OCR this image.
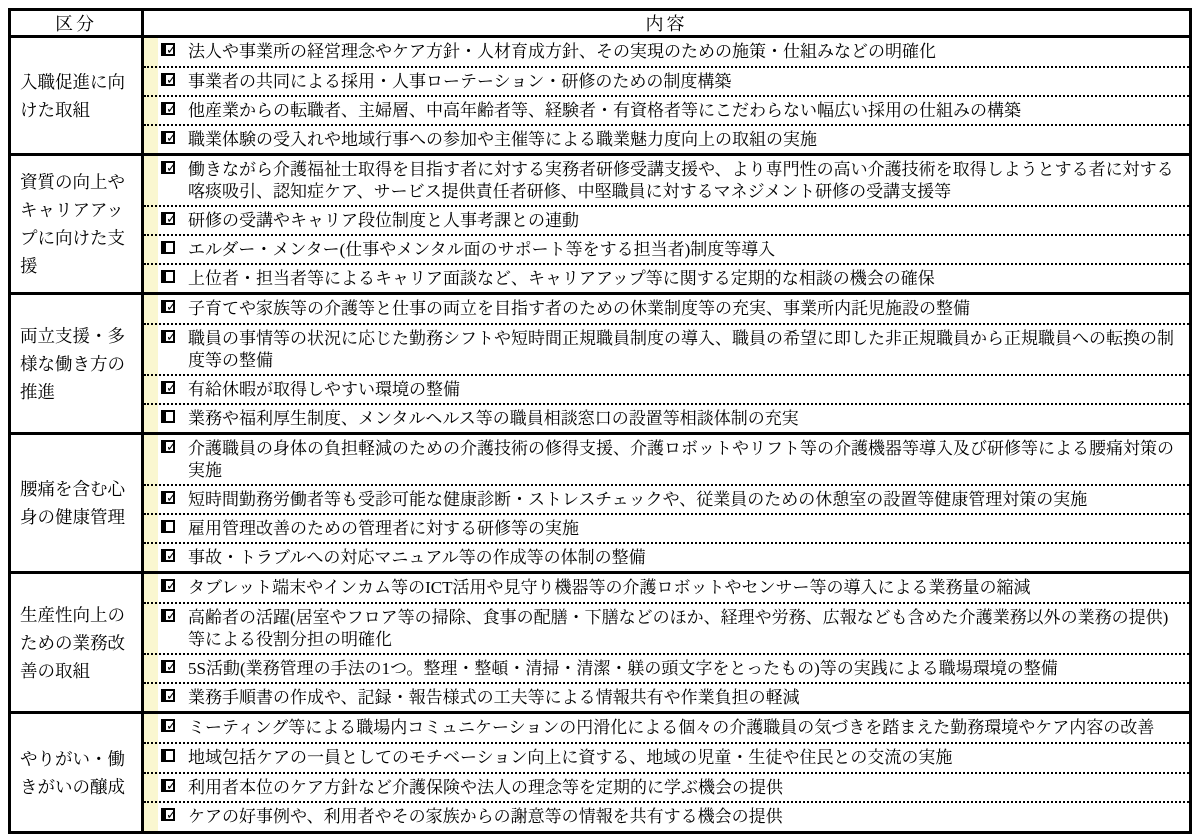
区分	内容
入職促進に向けた取組
✓ 法人や事業所の経営理念やケア方針・人材育成方針、その実現のための施策・仕組みなどの明確化
✓ 事業者の共同による採用・人事ローテーション・研修のための制度構築
✓ 他産業からの転職者、主婦層、中高年齢者等、経験者・有資格者等にこだわらない幅広い採用の仕組みの構築
✓ 職業体験の受入れや地域行事への参加や主催等による職業魅力度向上の取組の実施
資質の向上やキャリアアップに向けた支援
✓ 働きながら介護福祉士取得を目指す者に対する実務者研修受講支援や、より専門性の高い介護技術を取得しようとする者に対する喀痰吸引、認知症ケア、サービス提供責任者研修、中堅職員に対するマネジメント研修の受講支援等
✓ 研修の受講やキャリア段位制度と人事考課との連動
エルダー・メンター(仕事やメンタル面のサポート等をする担当者)制度等導入
上位者・担当者等によるキャリア面談など、キャリアアップ等に関する定期的な相談の機会の確保
両立支援・多様な働き方の推進
✓ 子育てや家族等の介護等と仕事の両立を目指す者のための休業制度等の充実、事業所内託児施設の整備
✓ 職員の事情等の状況に応じた勤務シフトや短時間正規職員制度の導入、職員の希望に即した非正規職員から正規職員への転換の制度等の整備
✓ 有給休暇が取得しやすい環境の整備
業務や福利厚生制度、メンタルヘルス等の職員相談窓口の設置等相談体制の充実
腰痛を含む心身の健康管理
✓ 介護職員の身体の負担軽減のための介護技術の修得支援、介護ロボットやリフト等の介護機器等導入及び研修等による腰痛対策の実施
✓ 短時間勤務労働者等も受診可能な健康診断・ストレスチェックや、従業員のための休憩室の設置等健康管理対策の実施
雇用管理改善のための管理者に対する研修等の実施
✓ 事故・トラブルへの対応マニュアル等の作成等の体制の整備
生産性向上のための業務改善の取組
✓ タブレット端末やインカム等のICT活用や見守り機器等の介護ロボットやセンサー等の導入による業務量の縮減
✓ 高齢者の活躍(居室やフロア等の掃除、食事の配膳・下膳などのほか、経理や労務、広報なども含めた介護業務以外の業務の提供)等による役割分担の明確化
✓ 5S活動(業務管理の手法の1つ。整理・整頓・清掃・清潔・躾の頭文字をとったもの)等の実践による職場環境の整備
✓ 業務手順書の作成や、記録・報告様式の工夫等による情報共有や作業負担の軽減
やりがい・働きがいの醸成
✓ ミーティング等による職場内コミュニケーションの円滑化による個々の介護職員の気づきを踏まえた勤務環境やケア内容の改善
地域包括ケアの一員としてのモチベーション向上に資する、地域の児童・生徒や住民との交流の実施
✓ 利用者本位のケア方針など介護保険や法人の理念等を定期的に学ぶ機会の提供
✓ ケアの好事例や、利用者やその家族からの謝意等の情報を共有する機会の提供
